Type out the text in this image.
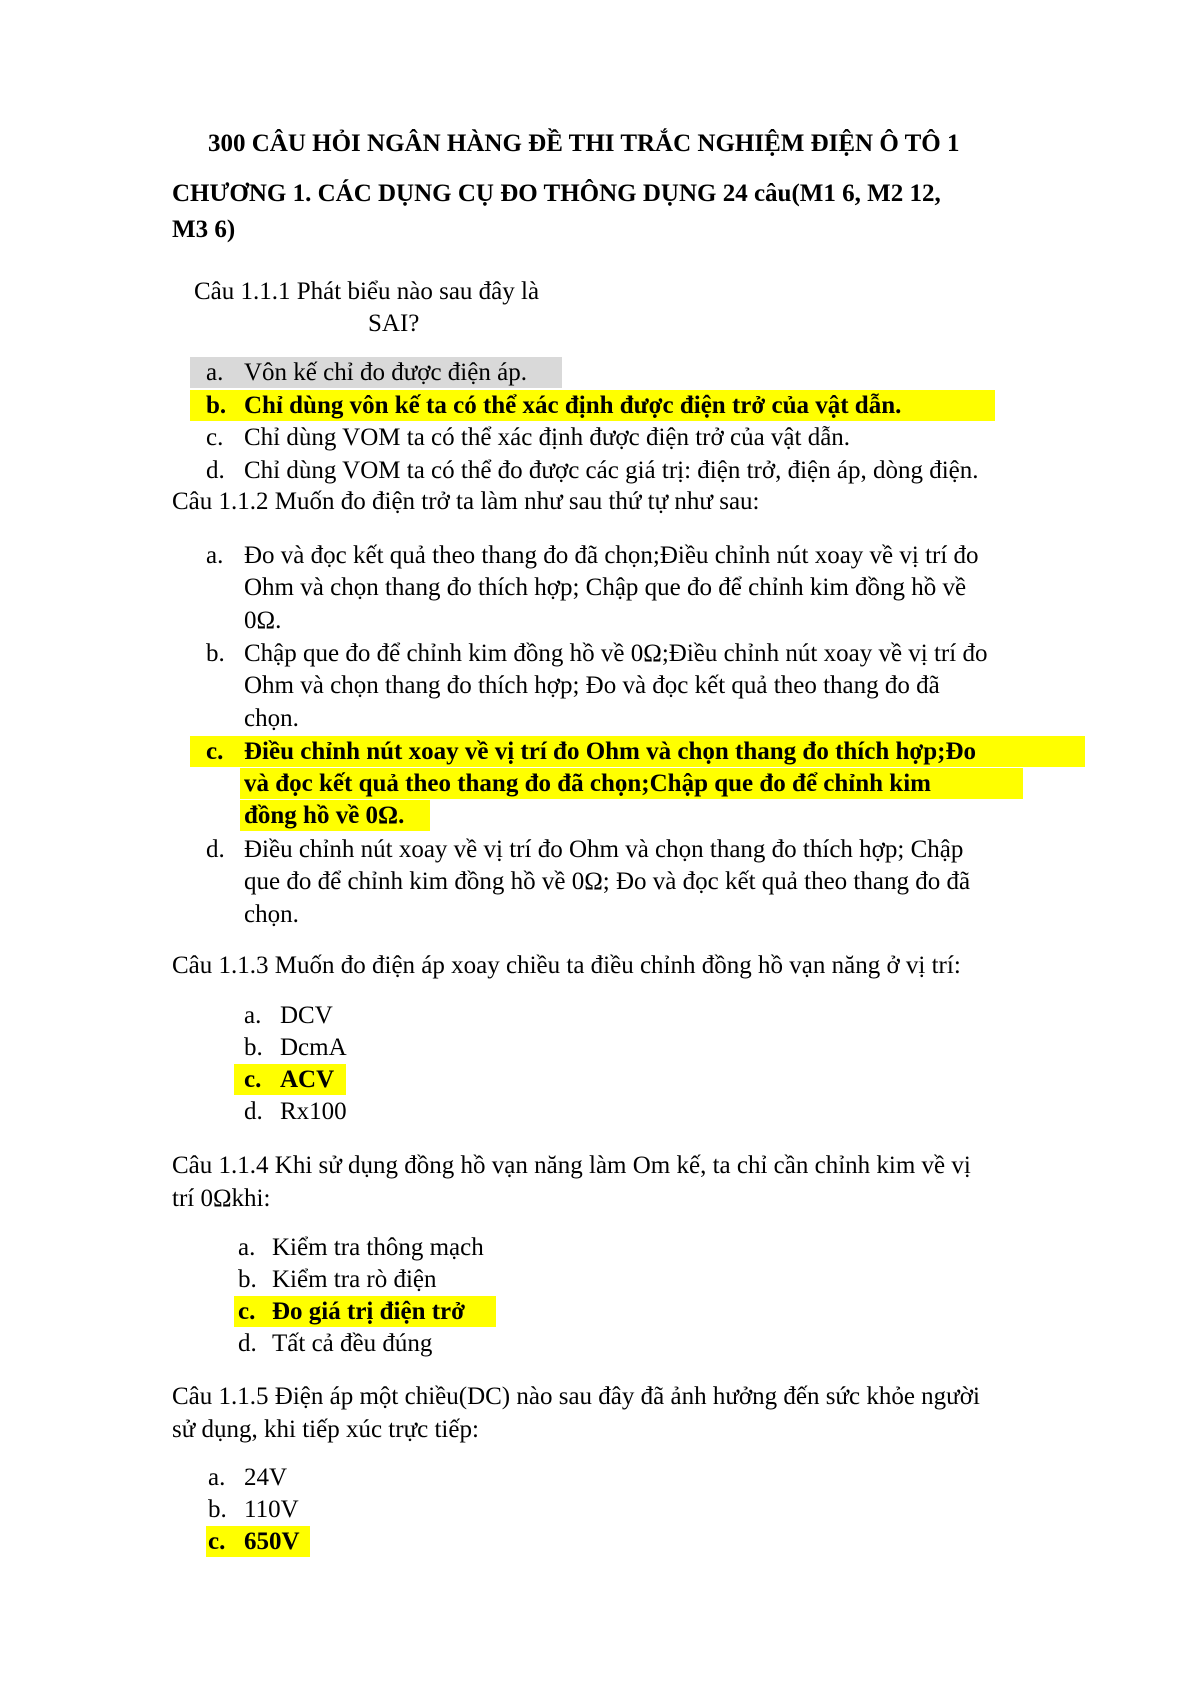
300 CÂU HỎI NGÂN HÀNG ĐỀ THI TRẮC NGHIỆM ĐIỆN Ô TÔ 1
CHƯƠNG 1. CÁC DỤNG CỤ ĐO THÔNG DỤNG 24 câu(M1 6, M2 12,
M3 6)
Câu 1.1.1 Phát biểu nào sau đây là
SAI?
a. Vôn kế chỉ đo được điện áp.
b. Chỉ dùng vôn kế ta có thể xác định được điện trở của vật dẫn.
c. Chỉ dùng VOM ta có thể xác định được điện trở của vật dẫn.
d. Chỉ dùng VOM ta có thể đo được các giá trị: điện trở, điện áp, dòng điện.
Câu 1.1.2 Muốn đo điện trở ta làm như sau thứ tự như sau:
a. Đo và đọc kết quả theo thang đo đã chọn;Điều chỉnh nút xoay về vị trí đo
Ohm và chọn thang đo thích hợp; Chập que đo để chỉnh kim đồng hồ về
0Ω.
b. Chập que đo để chỉnh kim đồng hồ về 0Ω;Điều chỉnh nút xoay về vị trí đo
Ohm và chọn thang đo thích hợp; Đo và đọc kết quả theo thang đo đã
chọn.
c. Điều chỉnh nút xoay về vị trí đo Ohm và chọn thang đo thích hợp;Đo
và đọc kết quả theo thang đo đã chọn;Chập que đo để chỉnh kim
đồng hồ về 0Ω.
d. Điều chỉnh nút xoay về vị trí đo Ohm và chọn thang đo thích hợp; Chập
que đo để chỉnh kim đồng hồ về 0Ω; Đo và đọc kết quả theo thang đo đã
chọn.
Câu 1.1.3 Muốn đo điện áp xoay chiều ta điều chỉnh đồng hồ vạn năng ở vị trí:
a. DCV
b. DcmA
c. ACV
d. Rx100
Câu 1.1.4 Khi sử dụng đồng hồ vạn năng làm Om kế, ta chỉ cần chỉnh kim về vị
trí 0Ωkhi:
a. Kiểm tra thông mạch
b. Kiểm tra rò điện
c. Đo giá trị điện trở
d. Tất cả đều đúng
Câu 1.1.5 Điện áp một chiều(DC) nào sau đây đã ảnh hưởng đến sức khỏe người
sử dụng, khi tiếp xúc trực tiếp:
a. 24V
b. 110V
c. 650V
